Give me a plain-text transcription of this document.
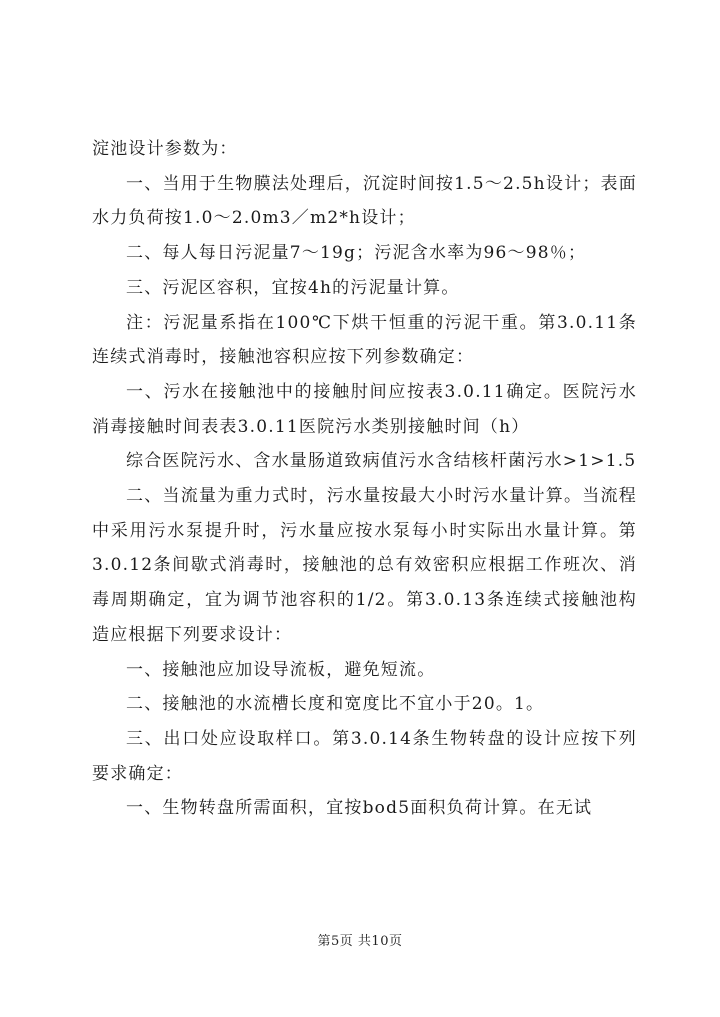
淀池设计参数为：

一、当用于生物膜法处理后，沉淀时间按1.5～2.5h设计；表面水力负荷按1.0～2.0m3／m2*h设计；

二、每人每日污泥量7～19g；污泥含水率为96～98％；

三、污泥区容积，宜按4h的污泥量计算。

注：污泥量系指在100℃下烘干恒重的污泥干重。第3.0.11条连续式消毒时，接触池容积应按下列参数确定：

一、污水在接触池中的接触肘间应按表3.0.11确定。医院污水消毒接触时间表表3.0.11医院污水类别接触时间（h）

综合医院污水、含水量肠道致病值污水含结核杆菌污水>1>1.5

二、当流量为重力式时，污水量按最大小时污水量计算。当流程中采用污水泵提升时，污水量应按水泵每小时实际出水量计算。第3.0.12条间歇式消毒时，接触池的总有效密积应根据工作班次、消毒周期确定，宜为调节池容积的1/2。第3.0.13条连续式接触池构造应根据下列要求设计：

一、接触池应加设导流板，避免短流。

二、接触池的水流槽长度和宽度比不宜小于20。1。

三、出口处应设取样口。第3.0.14条生物转盘的设计应按下列要求确定：

一、生物转盘所需面积，宜按bod5面积负荷计算。在无试

第5页 共10页
